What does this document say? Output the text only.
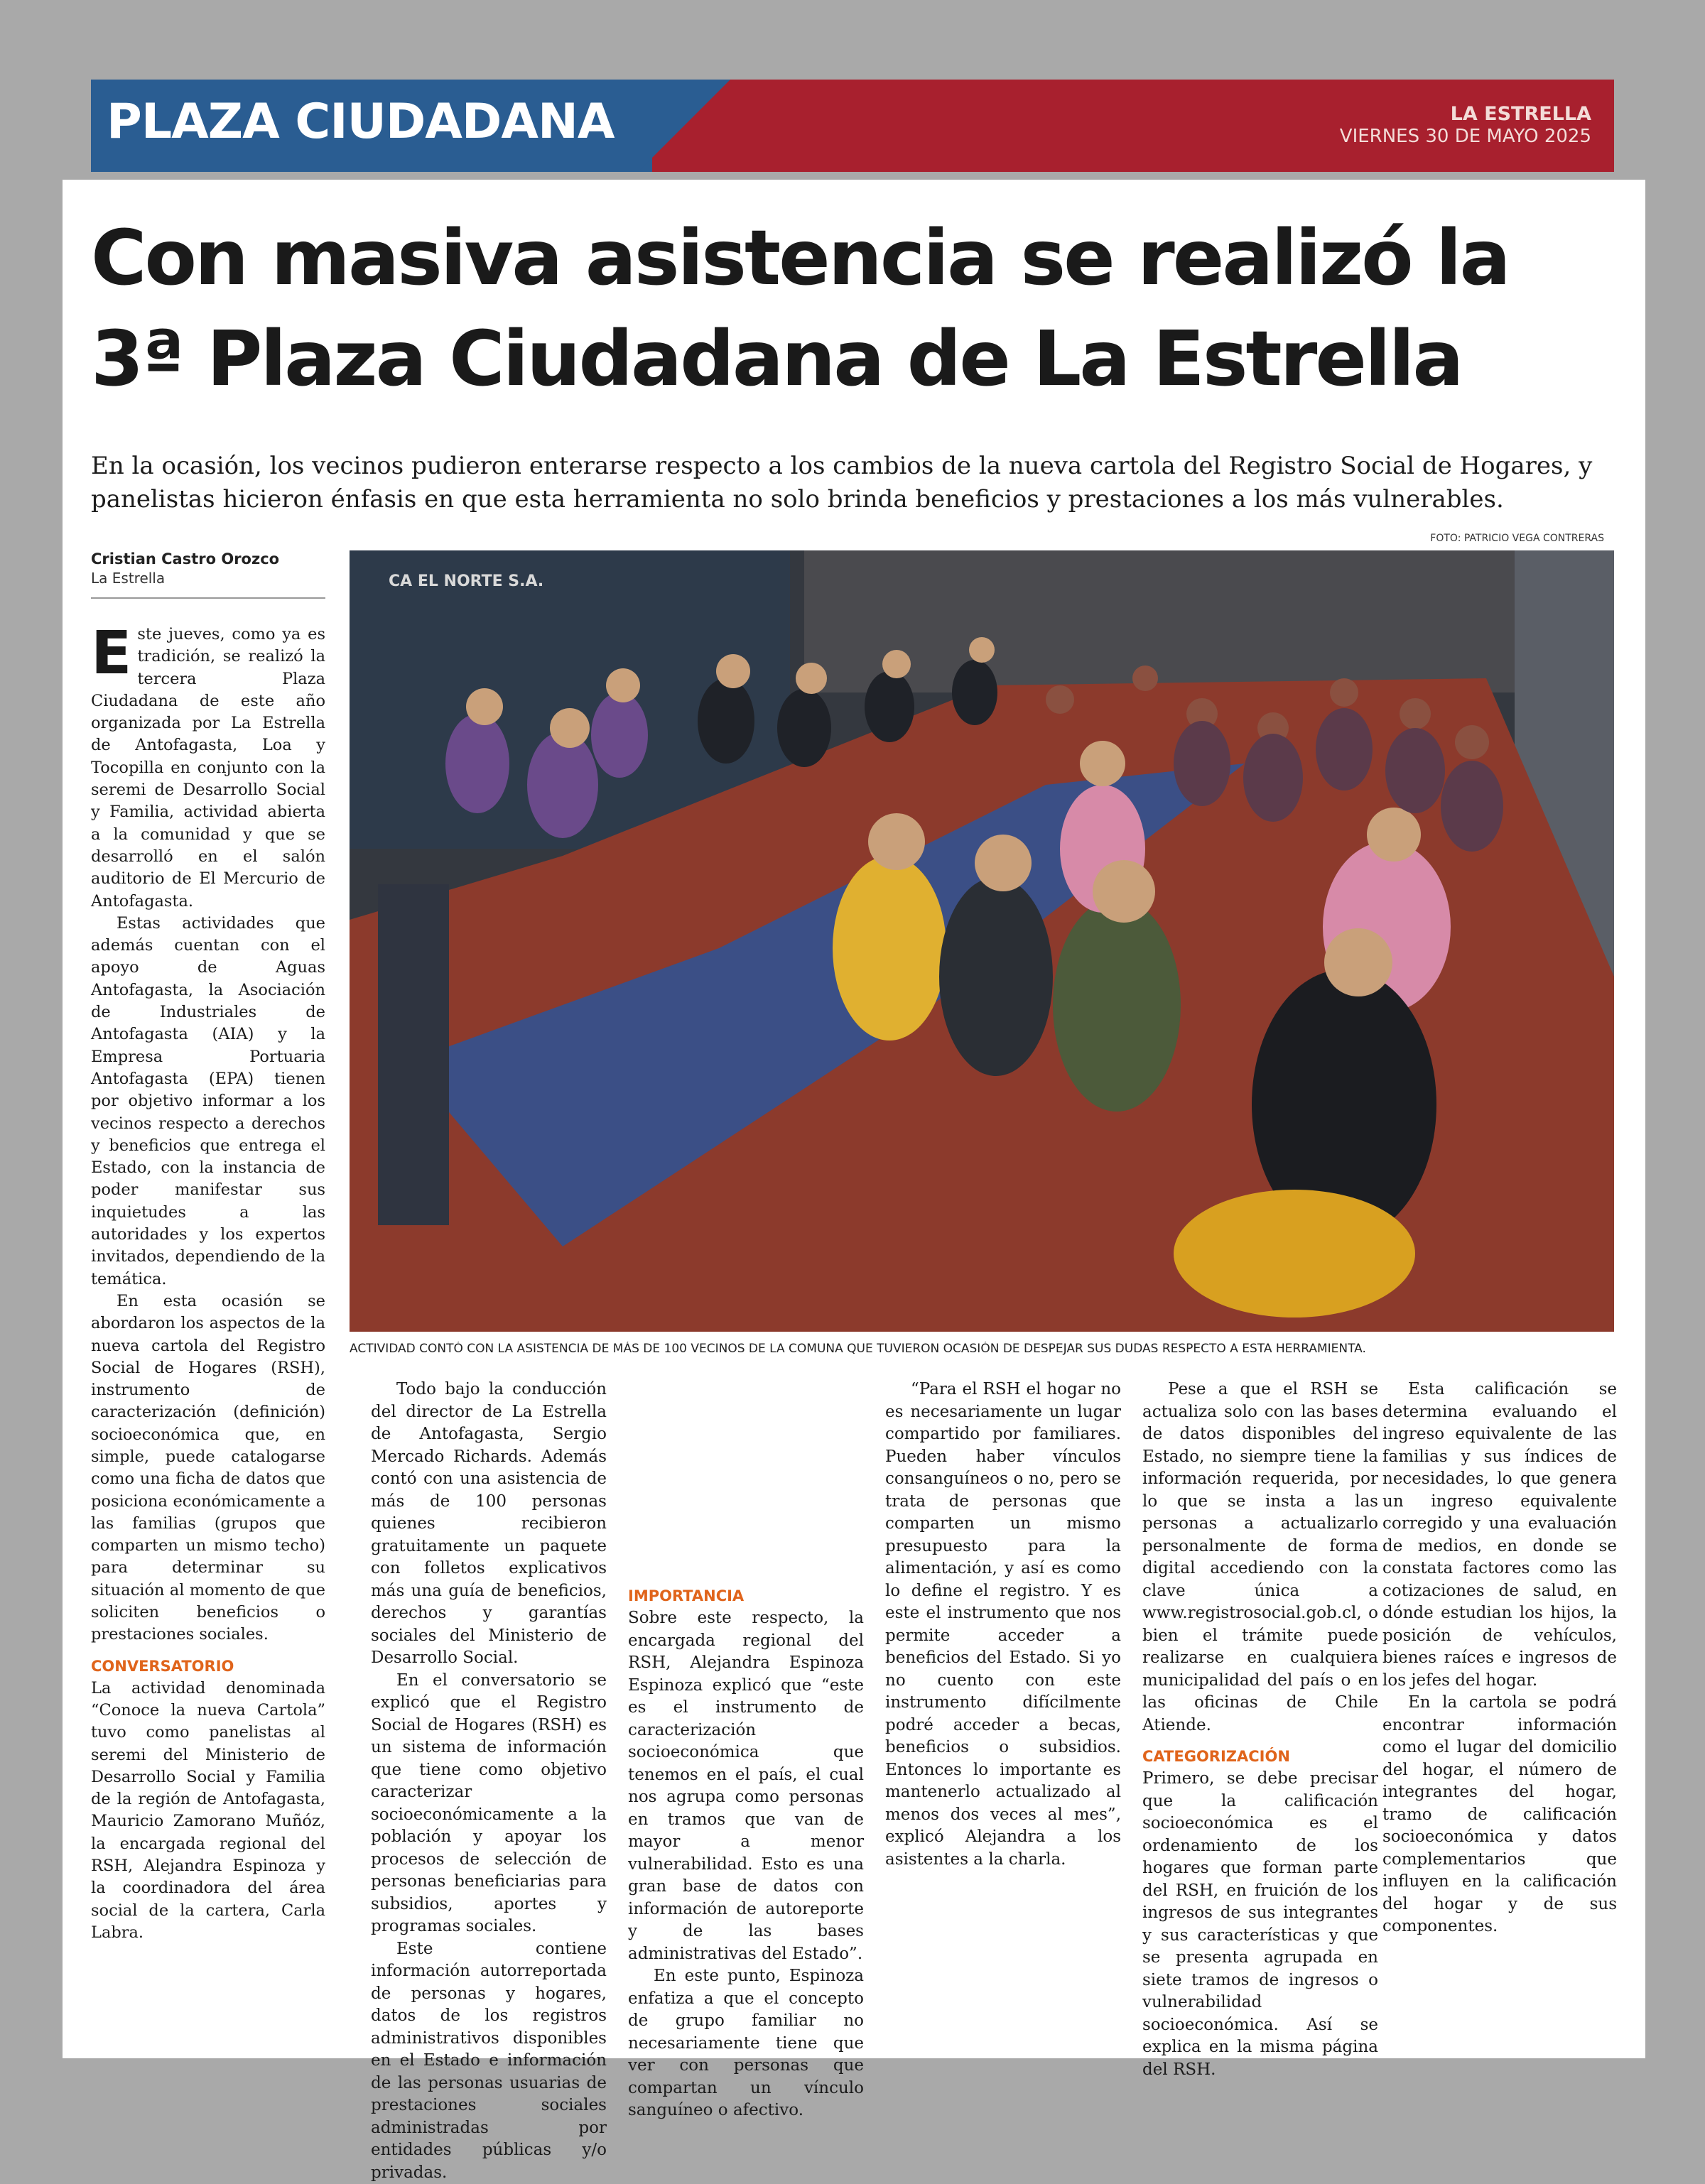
PLAZA CIUDADANA	LA ESTRELLA
VIERNES 30 DE MAYO 2025
Con masiva asistencia se realizó la 3ª Plaza Ciudadana de La Estrella

En la ocasión, los vecinos pudieron enterarse respecto a los cambios de la nueva cartola del Registro Social de Hogares, y panelistas hicieron énfasis en que esta herramienta no solo brinda beneficios y prestaciones a los más vulnerables.

Cristian Castro Orozco
La Estrella
FOTO: PATRICIO VEGA CONTRERAS
CA EL NORTE S.A.

ACTIVIDAD CONTÓ CON LA ASISTENCIA DE MÁS DE 100 VECINOS DE LA COMUNA QUE TUVIERON OCASIÓN DE DESPEJAR SUS DUDAS RESPECTO A ESTA HERRAMIENTA.

Este jueves, como ya es tradición, se realizó la tercera Plaza Ciudadana de este año organizada por La Estrella de Antofagasta, Loa y Tocopilla en conjunto con la seremi de Desarrollo Social y Familia, actividad abierta a la comunidad y que se desarrolló en el salón auditorio de El Mercurio de Antofagasta.

Estas actividades que además cuentan con el apoyo de Aguas Antofagasta, la Asociación de Industriales de Antofagasta (AIA) y la Empresa Portuaria Antofagasta (EPA) tienen por objetivo informar a los vecinos respecto a derechos y beneficios que entrega el Estado, con la instancia de poder manifestar sus inquietudes a las autoridades y los expertos invitados, dependiendo de la temática.

En esta ocasión se abordaron los aspectos de la nueva cartola del Registro Social de Hogares (RSH), instrumento de caracterización (definición) socioeconómica que, en simple, puede catalogarse como una ficha de datos que posiciona económicamente a las familias (grupos que comparten un mismo techo) para determinar su situación al momento de que soliciten beneficios o prestaciones sociales.

CONVERSATORIO

La actividad denominada “Conoce la nueva Cartola” tuvo como panelistas al seremi del Ministerio de Desarrollo Social y Familia de la región de Antofagasta, Mauricio Zamorano Muñóz, la encargada regional del RSH, Alejandra Espinoza y la coordinadora del área social de la cartera, Carla Labra.

Todo bajo la conducción del director de La Estrella de Antofagasta, Sergio Mercado Richards. Además contó con una asistencia de más de 100 personas quienes recibieron gratuitamente un paquete con folletos explicativos más una guía de beneficios, derechos y garantías sociales del Ministerio de Desarrollo Social.

En el conversatorio se explicó que el Registro Social de Hogares (RSH) es un sistema de información que tiene como objetivo caracterizar socioeconómicamente a la población y apoyar los procesos de selección de personas beneficiarias para subsidios, aportes y programas sociales.

Este contiene información autorreportada de personas y hogares, datos de los registros administrativos disponibles en el Estado e información de las personas usuarias de prestaciones sociales administradas por entidades públicas y/o privadas.

IMPORTANCIA

Sobre este respecto, la encargada regional del RSH, Alejandra Espinoza Espinoza explicó que “este es el instrumento de caracterización socioeconómica que tenemos en el país, el cual nos agrupa como personas en tramos que van de mayor a menor vulnerabilidad. Esto es una gran base de datos con información de autoreporte y de las bases administrativas del Estado”.

En este punto, Espinoza enfatiza a que el concepto de grupo familiar no necesariamente tiene que ver con personas que compartan un vínculo sanguíneo o afectivo.

“Para el RSH el hogar no es necesariamente un lugar compartido por familiares. Pueden haber vínculos consanguíneos o no, pero se trata de personas que comparten un mismo presupuesto para la alimentación, y así es como lo define el registro. Y es este el instrumento que nos permite acceder a beneficios del Estado. Si yo no cuento con este instrumento difícilmente podré acceder a becas, beneficios o subsidios. Entonces lo importante es mantenerlo actualizado al menos dos veces al mes”, explicó Alejandra a los asistentes a la charla.

Pese a que el RSH se actualiza solo con las bases de datos disponibles del Estado, no siempre tiene la información requerida, por lo que se insta a las personas a actualizarlo personalmente de forma digital accediendo con la clave única a www.registrosocial.gob.cl, o bien el trámite puede realizarse en cualquiera municipalidad del país o en las oficinas de Chile Atiende.

CATEGORIZACIÓN

Primero, se debe precisar que la calificación socioeconómica es el ordenamiento de los hogares que forman parte del RSH, en fruición de los ingresos de sus integrantes y sus características y que se presenta agrupada en siete tramos de ingresos o vulnerabilidad socioeconómica. Así se explica en la misma página del RSH.

Esta calificación se determina evaluando el ingreso equivalente de las familias y sus índices de necesidades, lo que genera un ingreso equivalente corregido y una evaluación de medios, en donde se constata factores como las cotizaciones de salud, en dónde estudian los hijos, la posición de vehículos, bienes raíces e ingresos de los jefes del hogar.

En la cartola se podrá encontrar información como el lugar del domicilio del hogar, el número de integrantes del hogar, tramo de calificación socioeconómica y datos complementarios que influyen en la calificación del hogar y de sus componentes.
